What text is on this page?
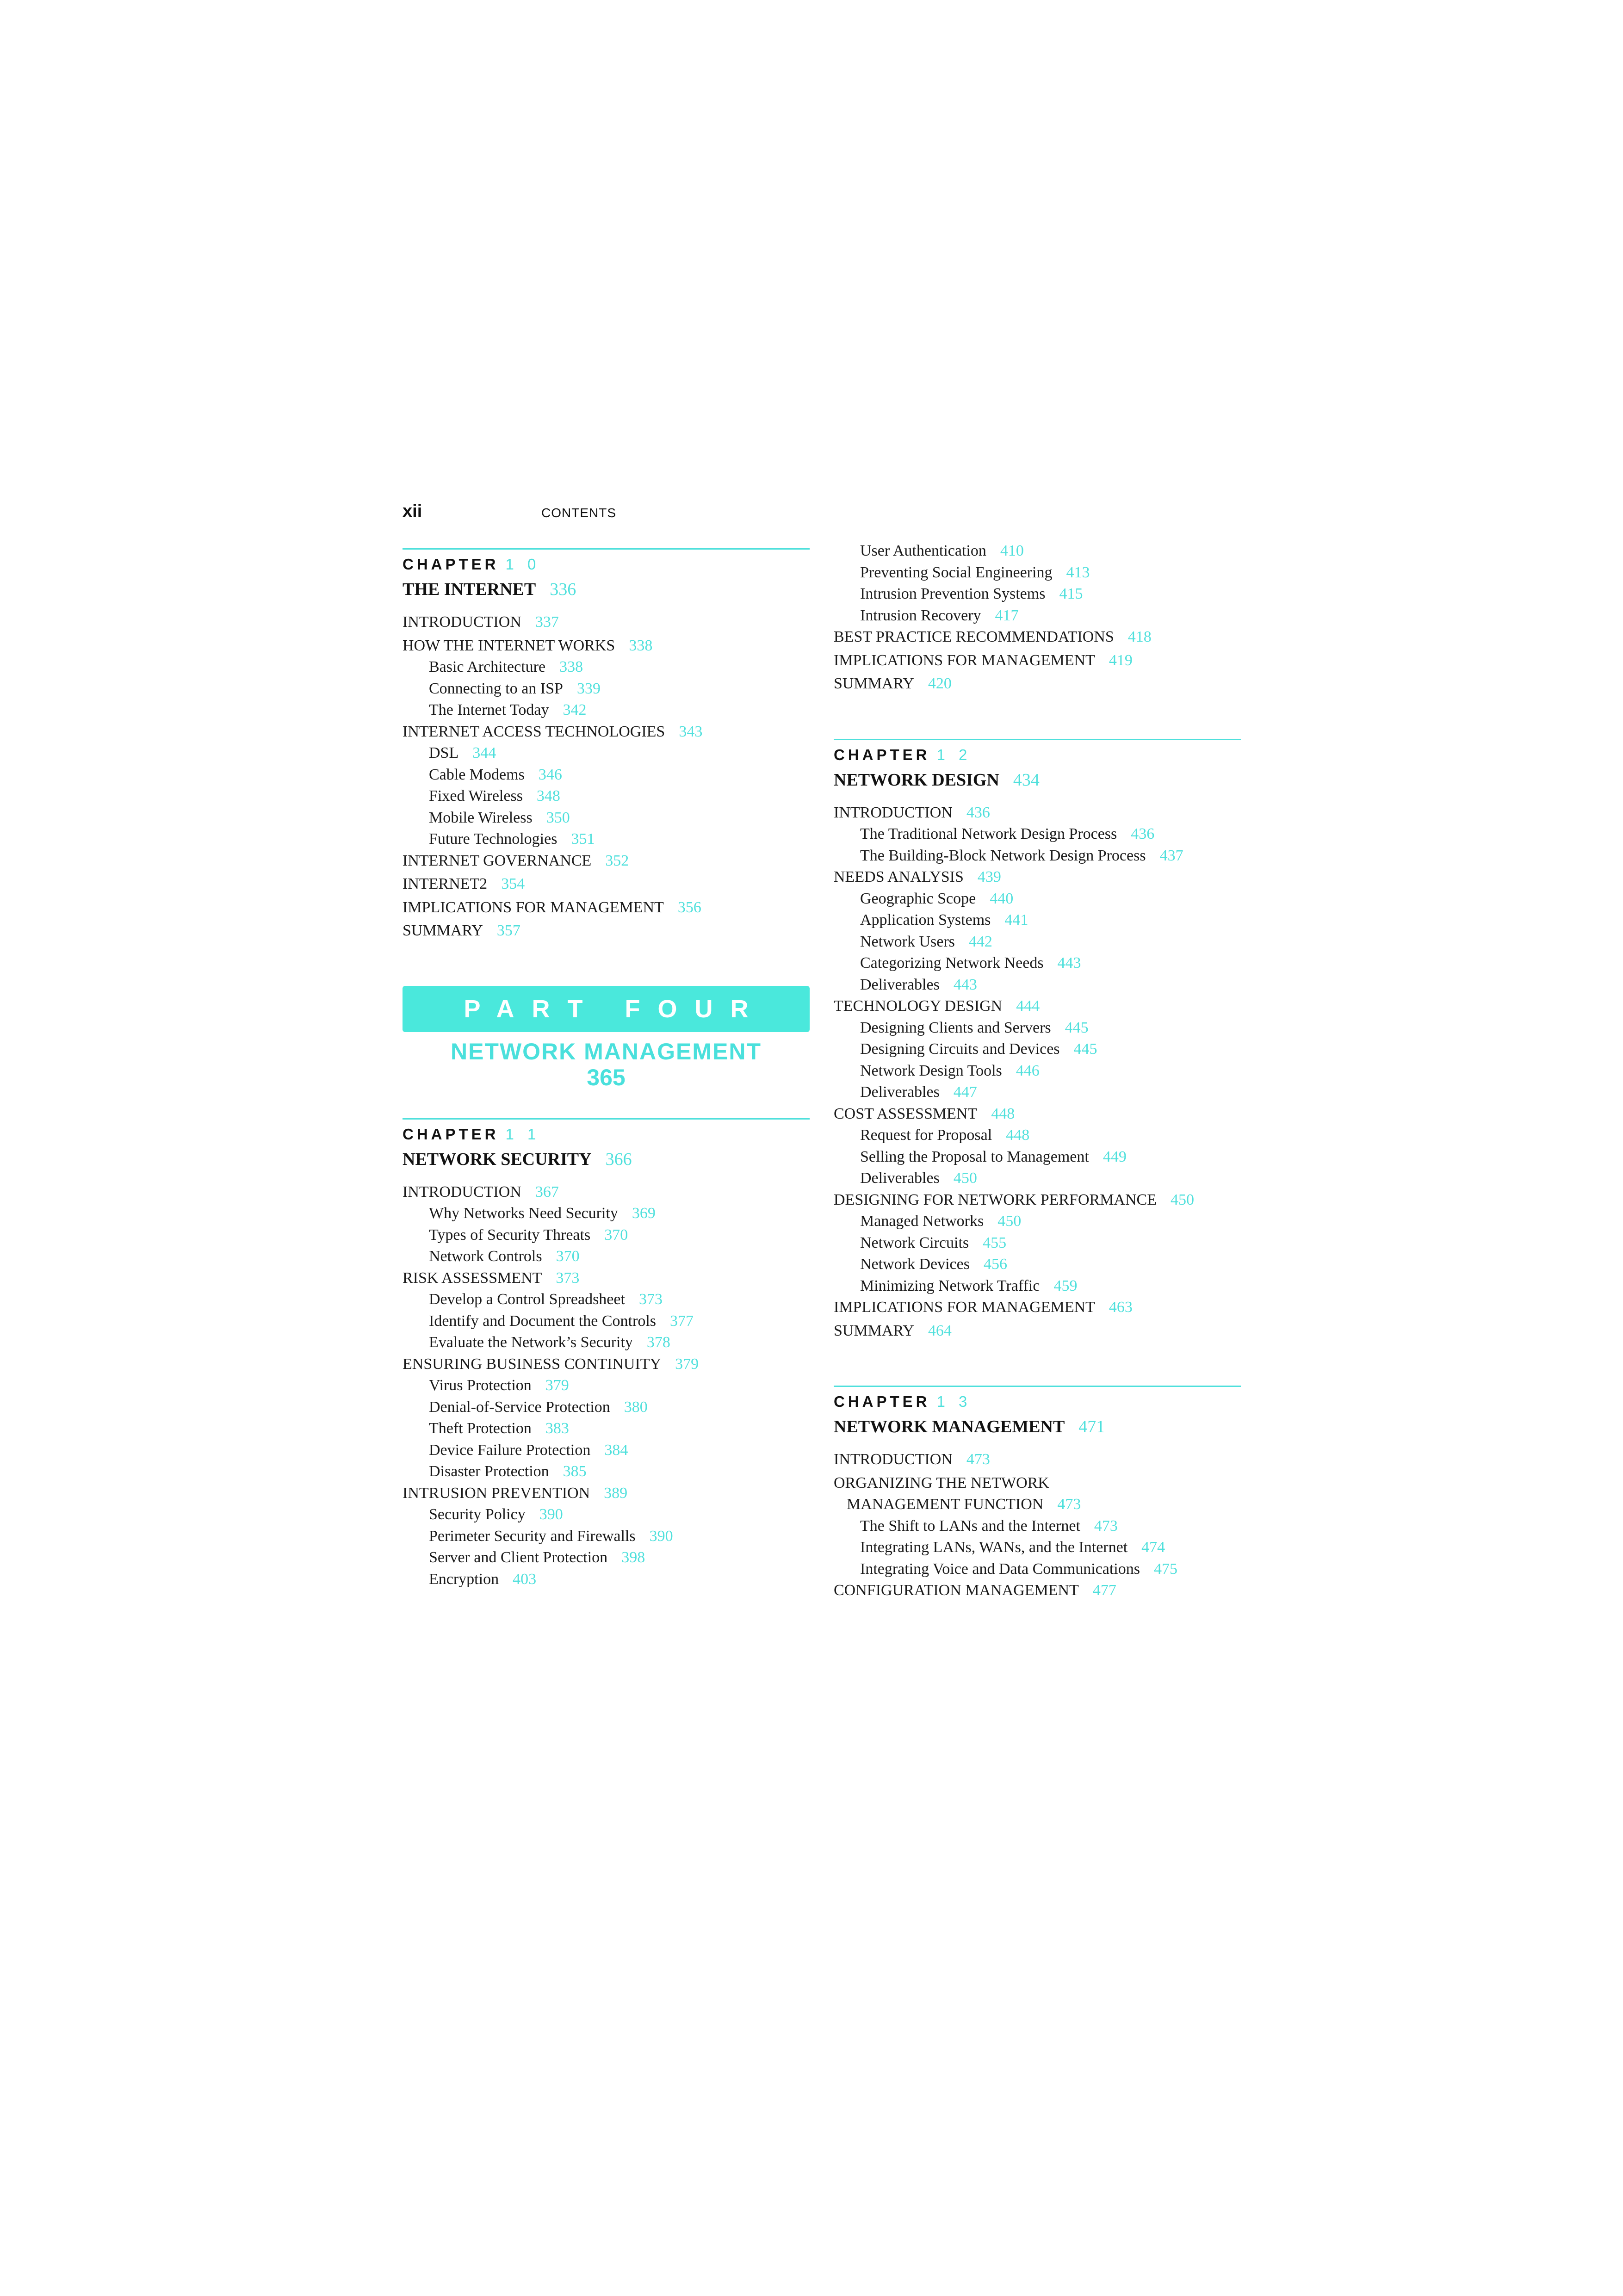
xii	CONTENTS
CHAPTER 1 0
THE INTERNET 336
INTRODUCTION 337
HOW THE INTERNET WORKS 338
Basic Architecture 338
Connecting to an ISP 339
The Internet Today 342
INTERNET ACCESS TECHNOLOGIES 343
DSL 344
Cable Modems 346
Fixed Wireless 348
Mobile Wireless 350
Future Technologies 351
INTERNET GOVERNANCE 352
INTERNET2 354
IMPLICATIONS FOR MANAGEMENT 356
SUMMARY 357
PART FOUR
NETWORK MANAGEMENT
365
CHAPTER 1 1
NETWORK SECURITY 366
INTRODUCTION 367
Why Networks Need Security 369
Types of Security Threats 370
Network Controls 370
RISK ASSESSMENT 373
Develop a Control Spreadsheet 373
Identify and Document the Controls 377
Evaluate the Network’s Security 378
ENSURING BUSINESS CONTINUITY 379
Virus Protection 379
Denial-of-Service Protection 380
Theft Protection 383
Device Failure Protection 384
Disaster Protection 385
INTRUSION PREVENTION 389
Security Policy 390
Perimeter Security and Firewalls 390
Server and Client Protection 398
Encryption 403
User Authentication 410
Preventing Social Engineering 413
Intrusion Prevention Systems 415
Intrusion Recovery 417
BEST PRACTICE RECOMMENDATIONS 418
IMPLICATIONS FOR MANAGEMENT 419
SUMMARY 420
CHAPTER 1 2
NETWORK DESIGN 434
INTRODUCTION 436
The Traditional Network Design Process 436
The Building-Block Network Design Process 437
NEEDS ANALYSIS 439
Geographic Scope 440
Application Systems 441
Network Users 442
Categorizing Network Needs 443
Deliverables 443
TECHNOLOGY DESIGN 444
Designing Clients and Servers 445
Designing Circuits and Devices 445
Network Design Tools 446
Deliverables 447
COST ASSESSMENT 448
Request for Proposal 448
Selling the Proposal to Management 449
Deliverables 450
DESIGNING FOR NETWORK PERFORMANCE 450
Managed Networks 450
Network Circuits 455
Network Devices 456
Minimizing Network Traffic 459
IMPLICATIONS FOR MANAGEMENT 463
SUMMARY 464
CHAPTER 1 3
NETWORK MANAGEMENT 471
INTRODUCTION 473
ORGANIZING THE NETWORK
MANAGEMENT FUNCTION 473
The Shift to LANs and the Internet 473
Integrating LANs, WANs, and the Internet 474
Integrating Voice and Data Communications 475
CONFIGURATION MANAGEMENT 477
